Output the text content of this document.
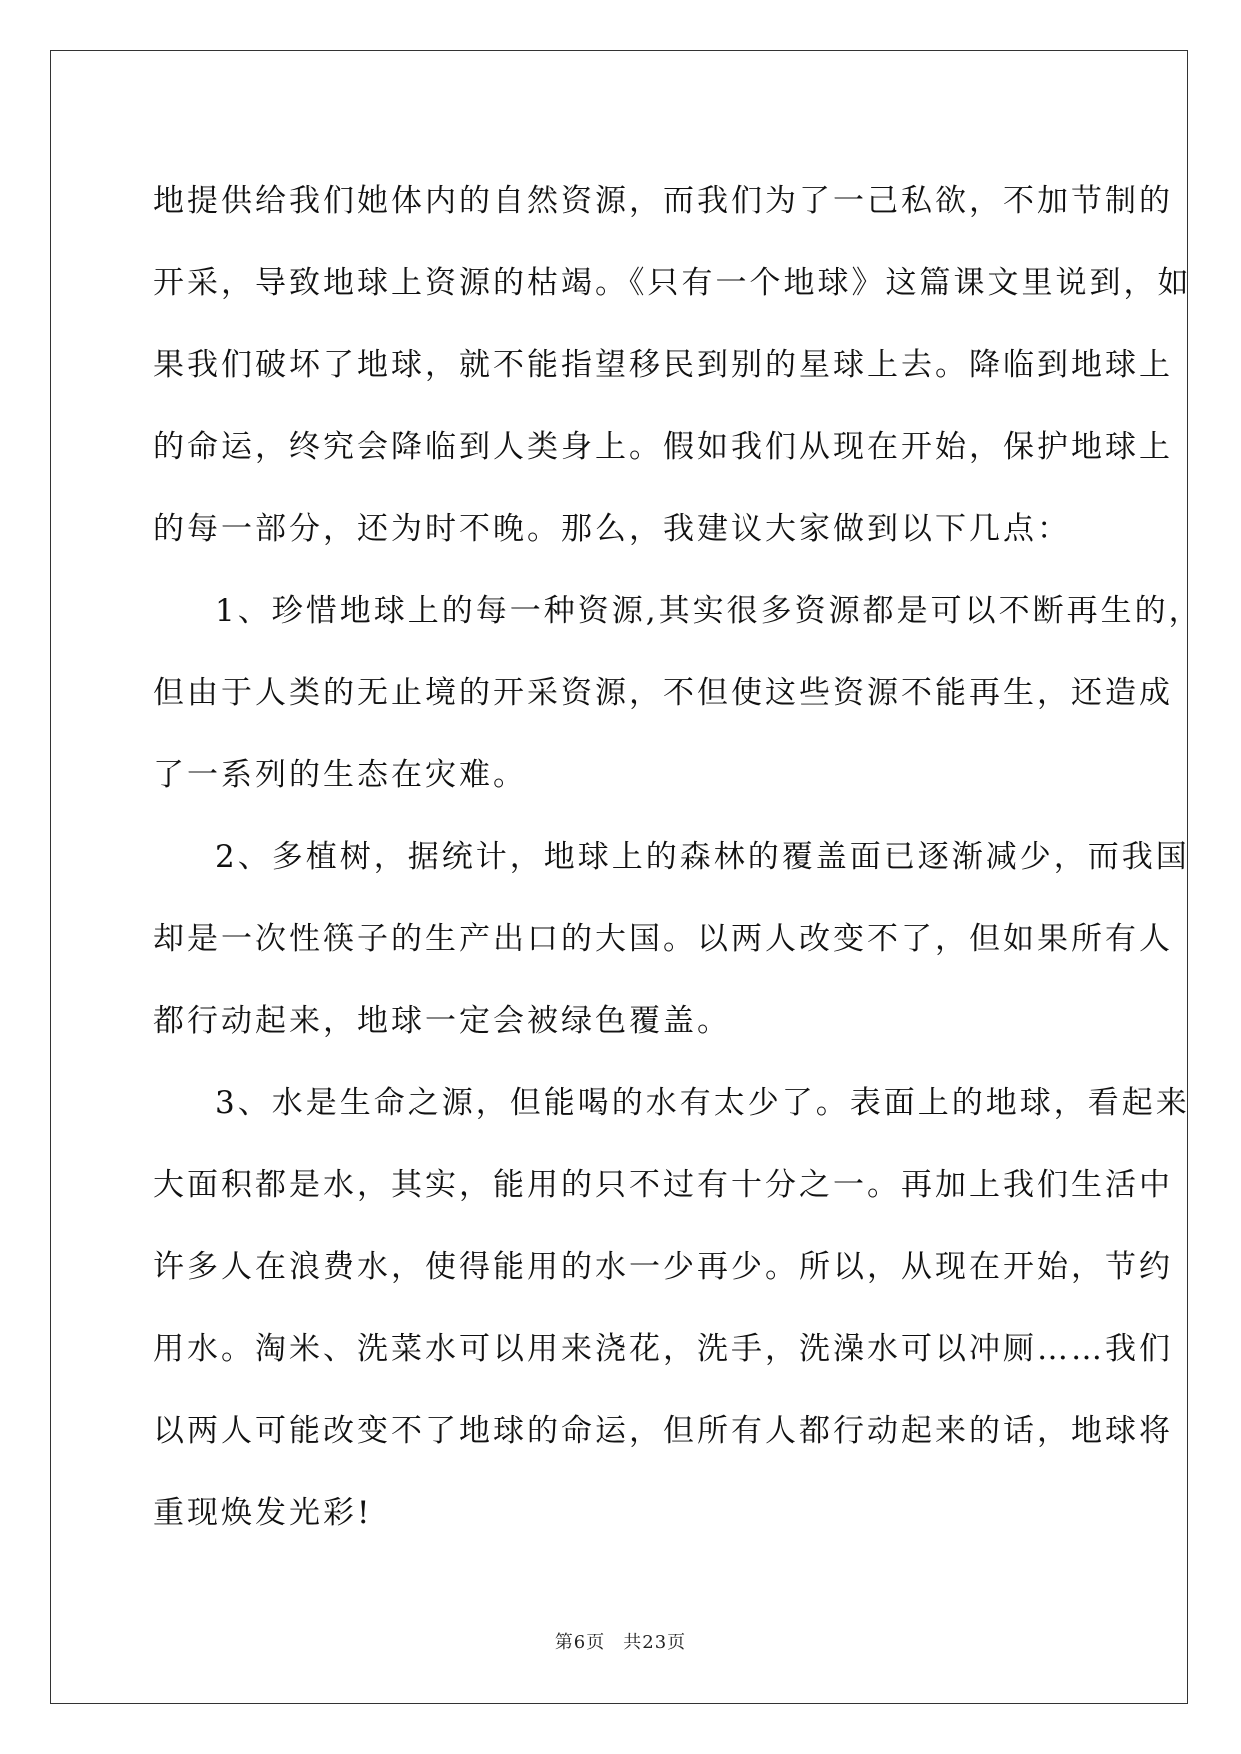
地提供给我们她体内的自然资源，而我们为了一己私欲，不加节制的
开采，导致地球上资源的枯竭。《只有一个地球》这篇课文里说到，如
果我们破坏了地球，就不能指望移民到别的星球上去。降临到地球上
的命运，终究会降临到人类身上。假如我们从现在开始，保护地球上
的每一部分，还为时不晚。那么，我建议大家做到以下几点：
1、珍惜地球上的每一种资源,其实很多资源都是可以不断再生的，
但由于人类的无止境的开采资源，不但使这些资源不能再生，还造成
了一系列的生态在灾难。
2、多植树，据统计，地球上的森林的覆盖面已逐渐减少，而我国
却是一次性筷子的生产出口的大国。以两人改变不了，但如果所有人
都行动起来，地球一定会被绿色覆盖。
3、水是生命之源，但能喝的水有太少了。表面上的地球，看起来
大面积都是水，其实，能用的只不过有十分之一。再加上我们生活中
许多人在浪费水，使得能用的水一少再少。所以，从现在开始，节约
用水。淘米、洗菜水可以用来浇花，洗手，洗澡水可以冲厕……我们
以两人可能改变不了地球的命运，但所有人都行动起来的话，地球将
重现焕发光彩!
第6页 共23页
